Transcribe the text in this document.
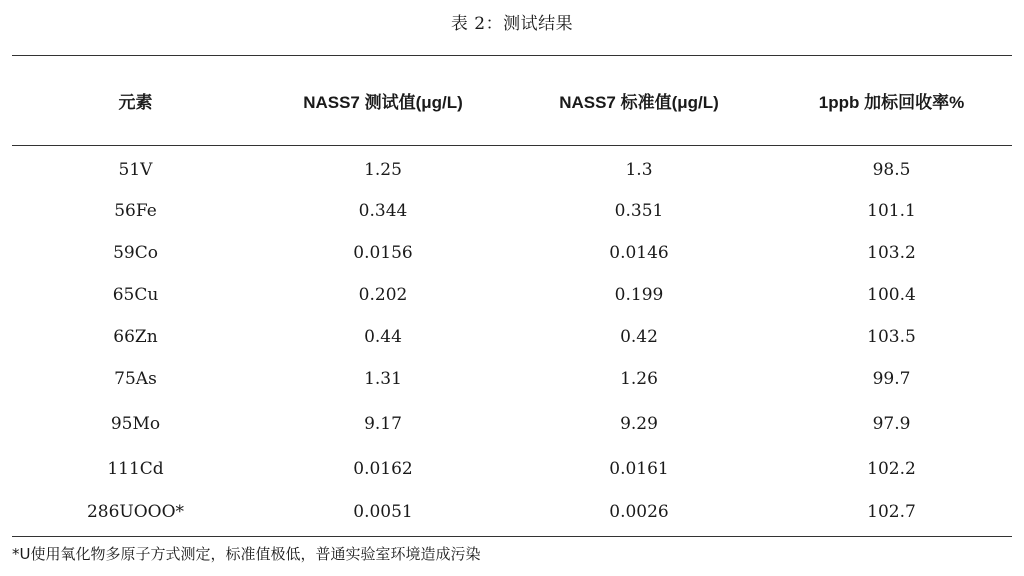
表 2：测试结果
元素	NASS7 测试值(μg/L)	NASS7 标准值(μg/L)	1ppb 加标回收率%
51V	1.25	1.3	98.5
56Fe	0.344	0.351	101.1
59Co	0.0156	0.0146	103.2
65Cu	0.202	0.199	100.4
66Zn	0.44	0.42	103.5
75As	1.31	1.26	99.7
95Mo	9.17	9.29	97.9
111Cd	0.0162	0.0161	102.2
286UOOO*	0.0051	0.0026	102.7
*U使用氧化物多原子方式测定，标准值极低，普通实验室环境造成污染
